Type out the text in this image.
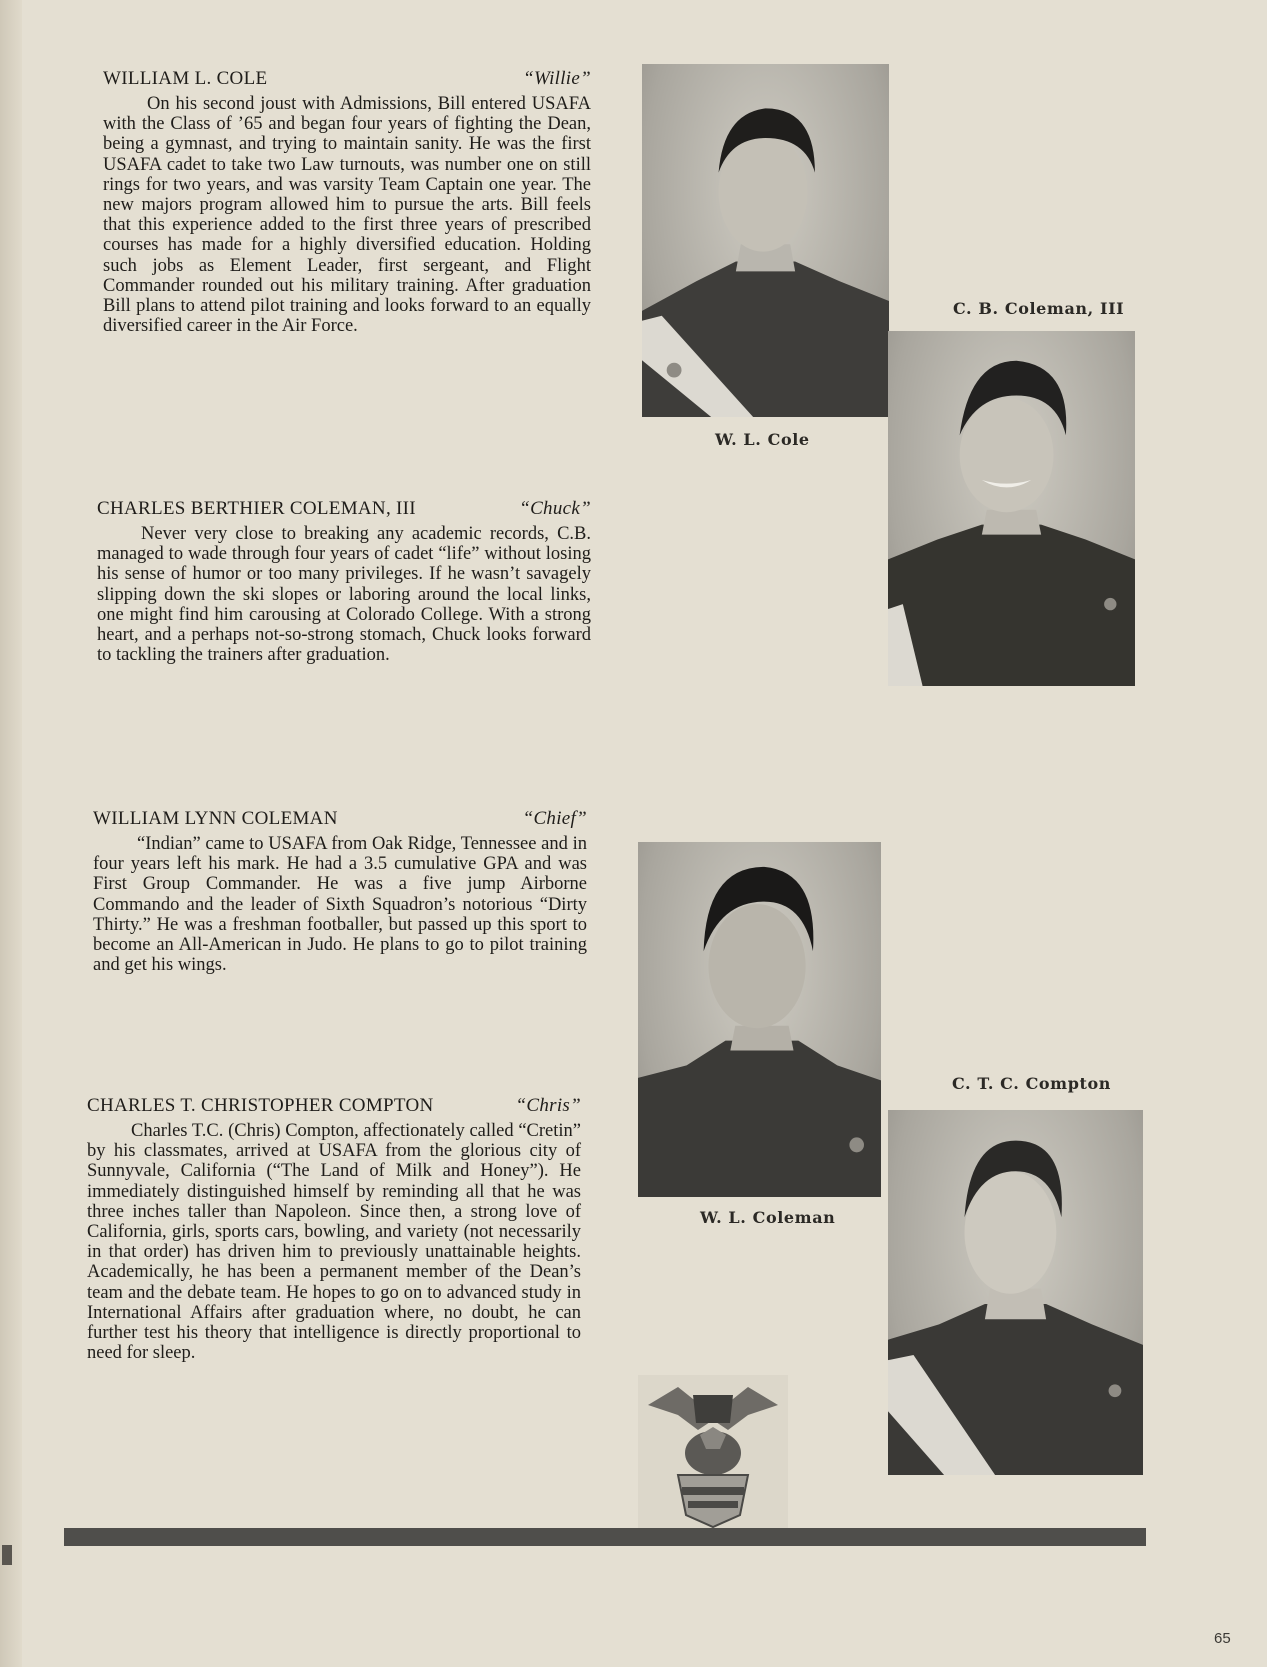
WILLIAM L. COLE	“Willie”

On his second joust with Admissions, Bill entered USAFA with the Class of ’65 and began four years of fighting the Dean, being a gymnast, and trying to maintain sanity. He was the first USAFA cadet to take two Law turnouts, was number one on still rings for two years, and was varsity Team Captain one year. The new majors program allowed him to pursue the arts. Bill feels that this experience added to the first three years of prescribed courses has made for a highly diversified education. Holding such jobs as Element Leader, first sergeant, and Flight Commander rounded out his military training. After graduation Bill plans to attend pilot training and looks forward to an equally diversified career in the Air Force.

CHARLES BERTHIER COLEMAN, III	“Chuck”

Never very close to breaking any academic records, C.B. managed to wade through four years of cadet “life” without losing his sense of humor or too many privileges. If he wasn’t savagely slipping down the ski slopes or laboring around the local links, one might find him carousing at Colorado College. With a strong heart, and a perhaps not-so-strong stomach, Chuck looks forward to tackling the trainers after graduation.

WILLIAM LYNN COLEMAN	“Chief”

“Indian” came to USAFA from Oak Ridge, Tennessee and in four years left his mark. He had a 3.5 cumulative GPA and was First Group Commander. He was a five jump Airborne Commando and the leader of Sixth Squadron’s notorious “Dirty Thirty.” He was a freshman footballer, but passed up this sport to become an All-American in Judo. He plans to go to pilot training and get his wings.

CHARLES T. CHRISTOPHER COMPTON	“Chris”

Charles T.C. (Chris) Compton, affectionately called “Cretin” by his classmates, arrived at USAFA from the glorious city of Sunnyvale, California (“The Land of Milk and Honey”). He immediately distinguished himself by reminding all that he was three inches taller than Napoleon. Since then, a strong love of California, girls, sports cars, bowling, and variety (not necessarily in that order) has driven him to previously unattainable heights. Academically, he has been a permanent member of the Dean’s team and the debate team. He hopes to go on to advanced study in International Affairs after graduation where, no doubt, he can further test his theory that intelligence is directly proportional to need for sleep.

W. L. Cole
C. B. Coleman, III
W. L. Coleman
C. T. C. Compton
65
